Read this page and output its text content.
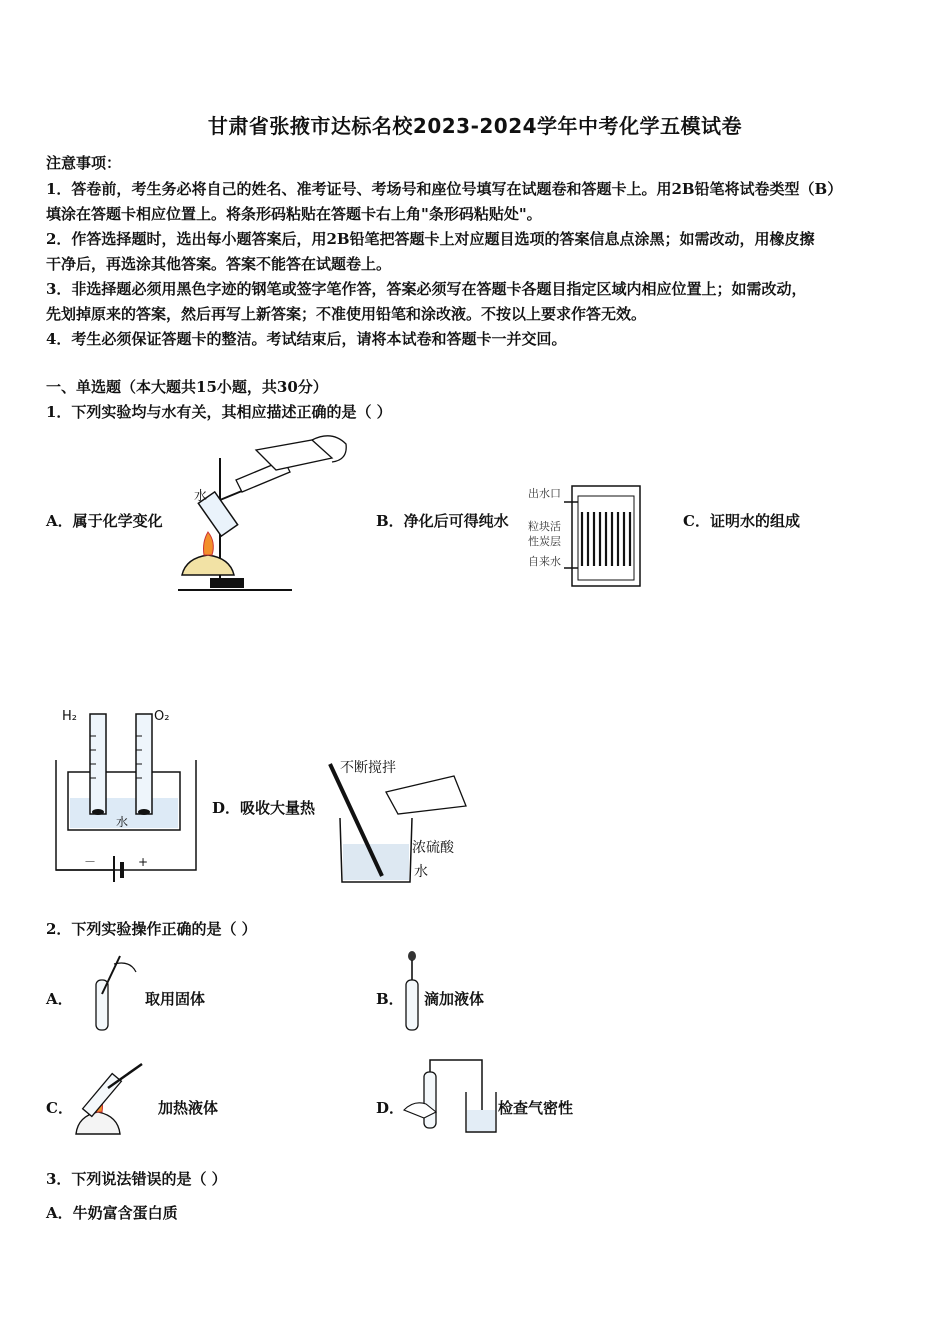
甘肃省张掖市达标名校2023-2024学年中考化学五模试卷
注意事项：
1．答卷前，考生务必将自己的姓名、准考证号、考场号和座位号填写在试题卷和答题卡上。用2B铅笔将试卷类型（B）
填涂在答题卡相应位置上。将条形码粘贴在答题卡右上角"条形码粘贴处"。
2．作答选择题时，选出每小题答案后，用2B铅笔把答题卡上对应题目选项的答案信息点涂黑；如需改动，用橡皮擦
干净后，再选涂其他答案。答案不能答在试题卷上。
3．非选择题必须用黑色字迹的钢笔或签字笔作答，答案必须写在答题卡各题目指定区域内相应位置上；如需改动，
先划掉原来的答案，然后再写上新答案；不准使用铅笔和涂改液。不按以上要求作答无效。
4．考生必须保证答题卡的整洁。考试结束后，请将本试卷和答题卡一并交回。
一、单选题（本大题共15小题，共30分）
1．下列实验均与水有关，其相应描述正确的是（ ）
A．属于化学变化	B．净化后可得纯水	C．证明水的组成
D．吸收大量热
水	出水口
粒块活
性炭层
自来水
H₂	O₂
水
－	+
不断搅拌
浓硫酸
水
2．下列实验操作正确的是（ ）
A．	取用固体	B． 滴加液体
C．	加热液体	D．	检查气密性
3．下列说法错误的是（ ）
A．牛奶富含蛋白质
